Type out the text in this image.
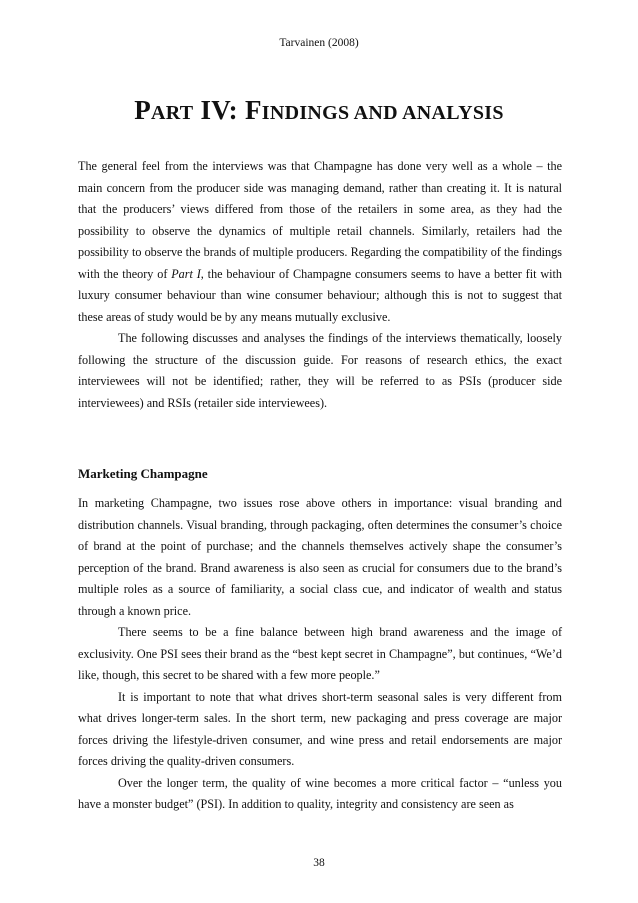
Tarvainen (2008)
PART IV: FINDINGS AND ANALYSIS

The general feel from the interviews was that Champagne has done very well as a whole – the main concern from the producer side was managing demand, rather than creating it. It is natural that the producers’ views differed from those of the retailers in some area, as they had the possibility to observe the dynamics of multiple retail channels. Similarly, retailers had the possibility to observe the brands of multiple producers. Regarding the compatibility of the findings with the theory of Part I, the behaviour of Champagne consumers seems to have a better fit with luxury consumer behaviour than wine consumer behaviour; although this is not to suggest that these areas of study would be by any means mutually exclusive.

The following discusses and analyses the findings of the interviews thematically, loosely following the structure of the discussion guide. For reasons of research ethics, the exact interviewees will not be identified; rather, they will be referred to as PSIs (producer side interviewees) and RSIs (retailer side interviewees).

Marketing Champagne

In marketing Champagne, two issues rose above others in importance: visual branding and distribution channels. Visual branding, through packaging, often determines the consumer’s choice of brand at the point of purchase; and the channels themselves actively shape the consumer’s perception of the brand. Brand awareness is also seen as crucial for consumers due to the brand’s multiple roles as a source of familiarity, a social class cue, and indicator of wealth and status through a known price.

There seems to be a fine balance between high brand awareness and the image of exclusivity. One PSI sees their brand as the “best kept secret in Champagne”, but continues, “We’d like, though, this secret to be shared with a few more people.”

It is important to note that what drives short-term seasonal sales is very different from what drives longer-term sales. In the short term, new packaging and press coverage are major forces driving the lifestyle-driven consumer, and wine press and retail endorsements are major forces driving the quality-driven consumers.

Over the longer term, the quality of wine becomes a more critical factor – “unless you have a monster budget” (PSI). In addition to quality, integrity and consistency are seen as

38
